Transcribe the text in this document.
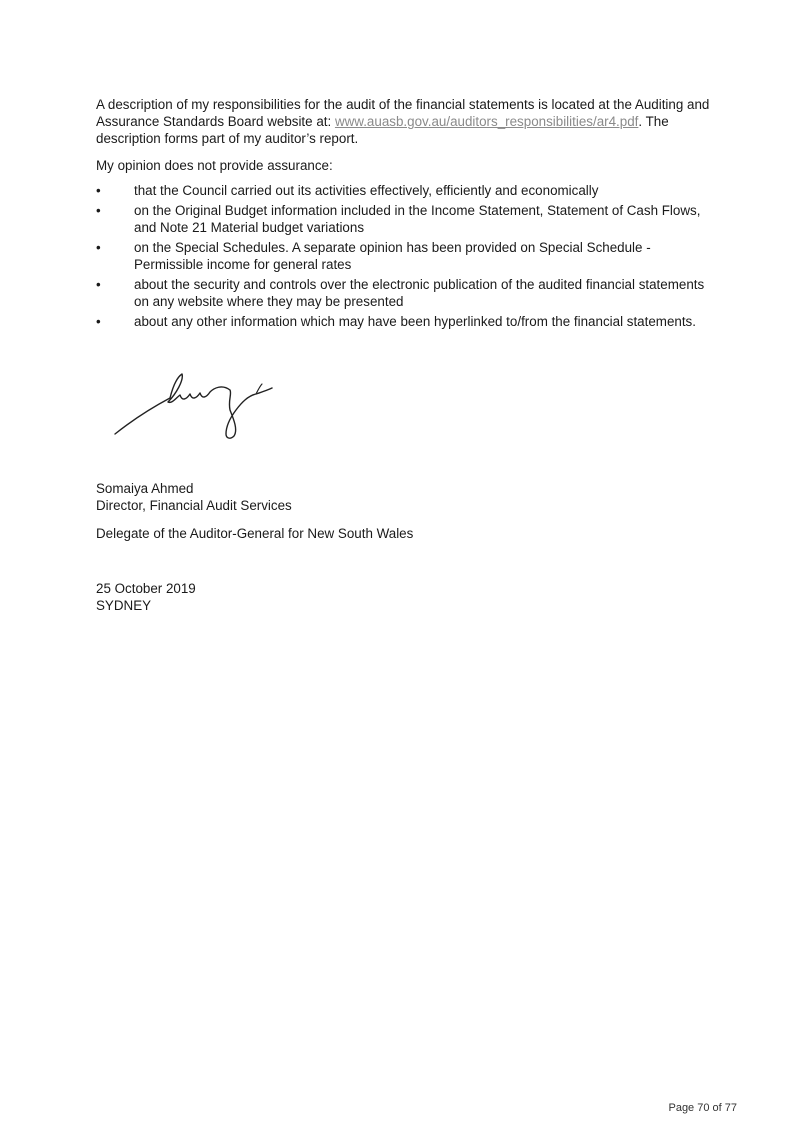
A description of my responsibilities for the audit of the financial statements is located at the Auditing and Assurance Standards Board website at: www.auasb.gov.au/auditors_responsibilities/ar4.pdf. The description forms part of my auditor’s report.

My opinion does not provide assurance:

•	that the Council carried out its activities effectively, efficiently and economically
•	on the Original Budget information included in the Income Statement, Statement of Cash Flows, and Note 21 Material budget variations
•	on the Special Schedules. A separate opinion has been provided on Special Schedule - Permissible income for general rates
•	about the security and controls over the electronic publication of the audited financial statements on any website where they may be presented
•	about any other information which may have been hyperlinked to/from the financial statements.

Somaiya Ahmed

Director, Financial Audit Services

Delegate of the Auditor-General for New South Wales

25 October 2019

SYDNEY

Page 70 of 77
